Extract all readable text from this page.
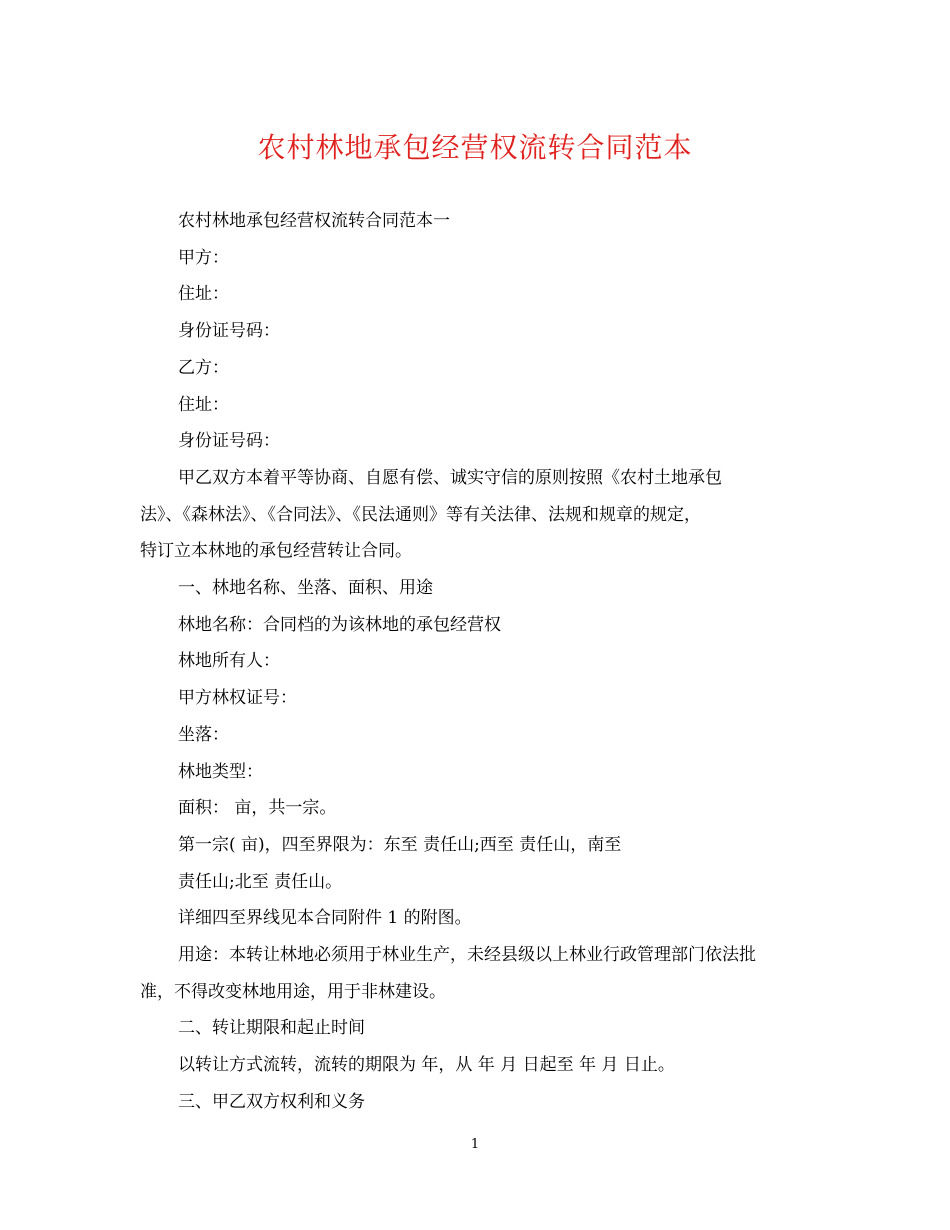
农村林地承包经营权流转合同范本

农村林地承包经营权流转合同范本一

甲方：

住址：

身份证号码：

乙方：

住址：

身份证号码：

甲乙双方本着平等协商、自愿有偿、诚实守信的原则按照《农村土地承包

法》、《森林法》、《合同法》、《民法通则》等有关法律、法规和规章的规定，

特订立本林地的承包经营转让合同。

一、林地名称、坐落、面积、用途

林地名称：合同档的为该林地的承包经营权

林地所有人：

甲方林权证号：

坐落：

林地类型：

面积： 亩，共一宗。

第一宗( 亩)，四至界限为：东至 责任山;西至 责任山，南至

责任山;北至 责任山。

详细四至界线见本合同附件 1 的附图。

用途：本转让林地必须用于林业生产，未经县级以上林业行政管理部门依法批

准，不得改变林地用途，用于非林建设。

二、转让期限和起止时间

以转让方式流转，流转的期限为 年，从 年 月 日起至 年 月 日止。

三、甲乙双方权利和义务

1
